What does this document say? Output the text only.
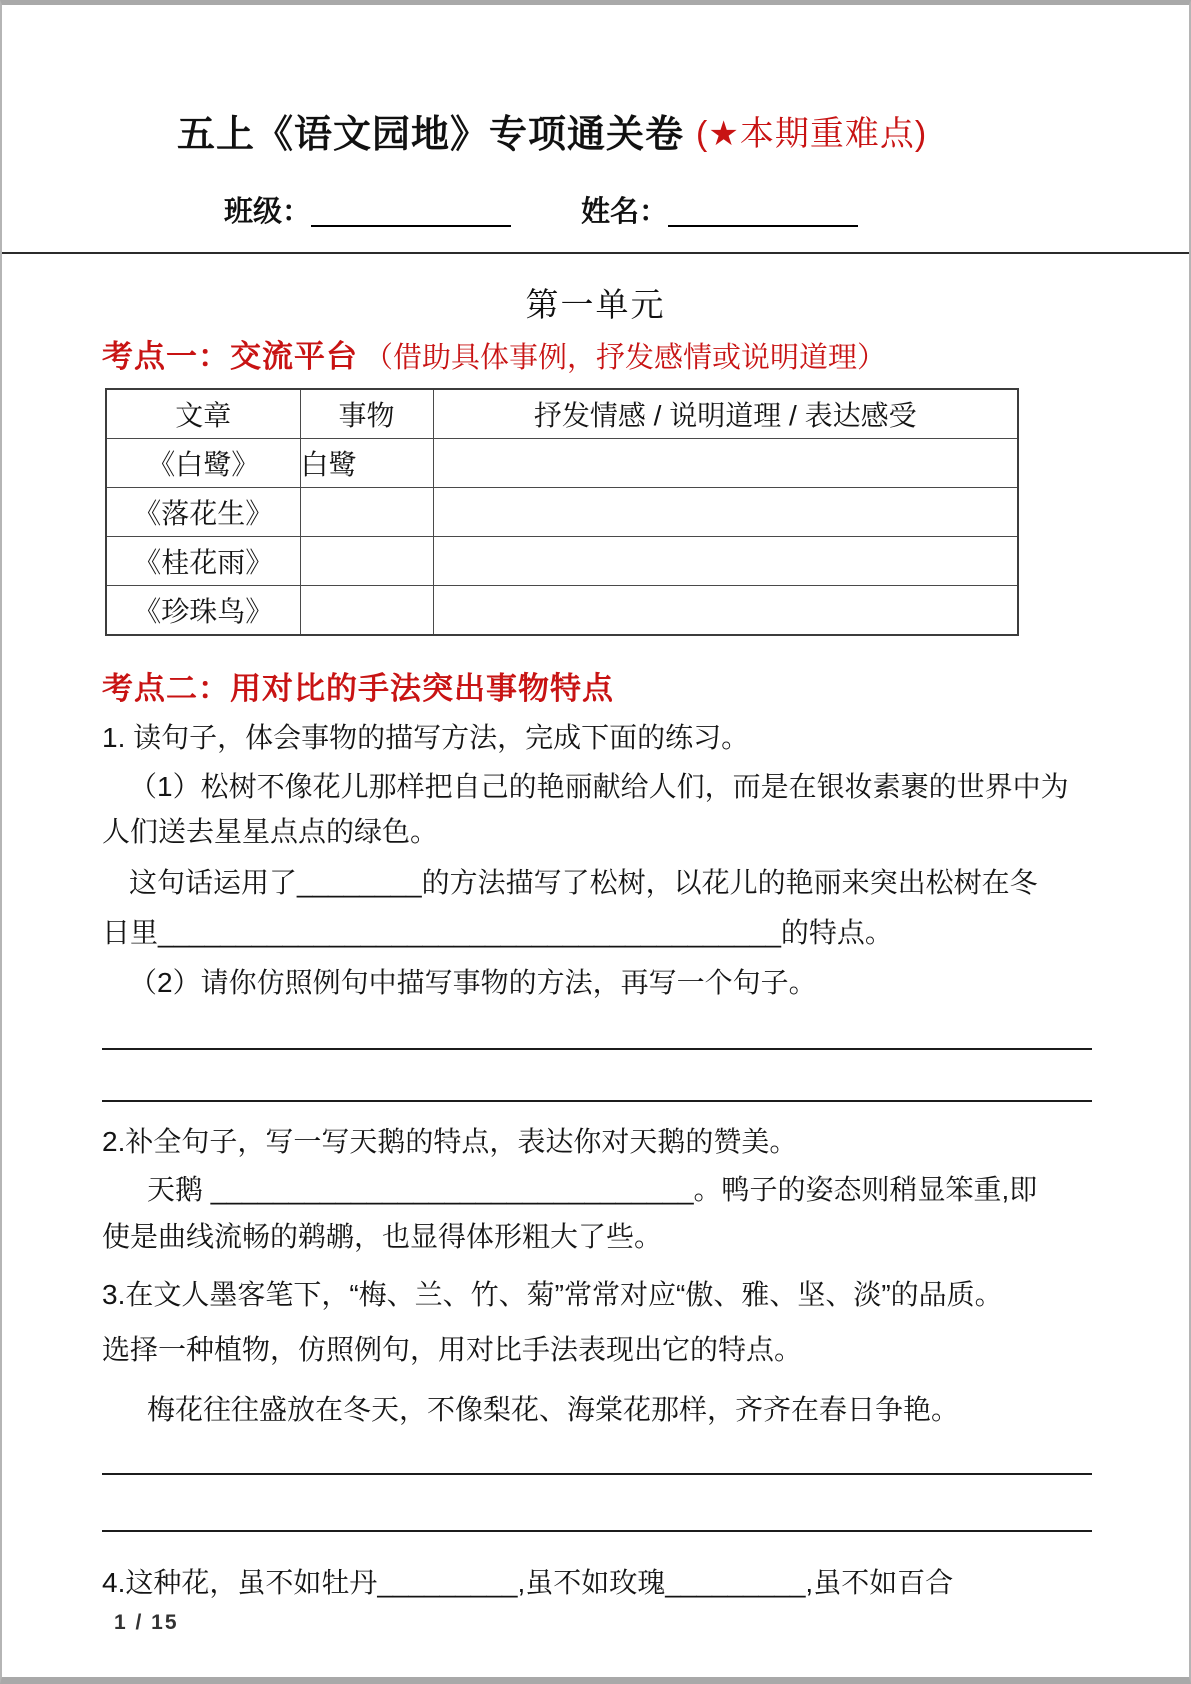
五上《语文园地》专项通关卷 (★本期重难点)
班级：	姓名：
第一单元
考点一：交流平台 （借助具体事例，抒发感情或说明道理）
文章	事物	抒发情感 / 说明道理 / 表达感受
《白鹭》	白鹭	
《落花生》		
《桂花雨》		
《珍珠鸟》		
考点二：用对比的手法突出事物特点
1. 读句子，体会事物的描写方法，完成下面的练习。
（1）松树不像花儿那样把自己的艳丽献给人们，而是在银妆素裹的世界中为
人们送去星星点点的绿色。
这句话运用了________的方法描写了松树，以花儿的艳丽来突出松树在冬
日里________________________________________的特点。
（2）请你仿照例句中描写事物的方法，再写一个句子。
2.补全句子，写一写天鹅的特点，表达你对天鹅的赞美。
天鹅 _______________________________。鸭子的姿态则稍显笨重,即
使是曲线流畅的鹈鹕，也显得体形粗大了些。
3.在文人墨客笔下，“梅、兰、竹、菊”常常对应“傲、雅、坚、淡”的品质。
选择一种植物，仿照例句，用对比手法表现出它的特点。
梅花往往盛放在冬天，不像梨花、海棠花那样，齐齐在春日争艳。
4.这种花，虽不如牡丹_________,虽不如玫瑰_________,虽不如百合
1 / 15
